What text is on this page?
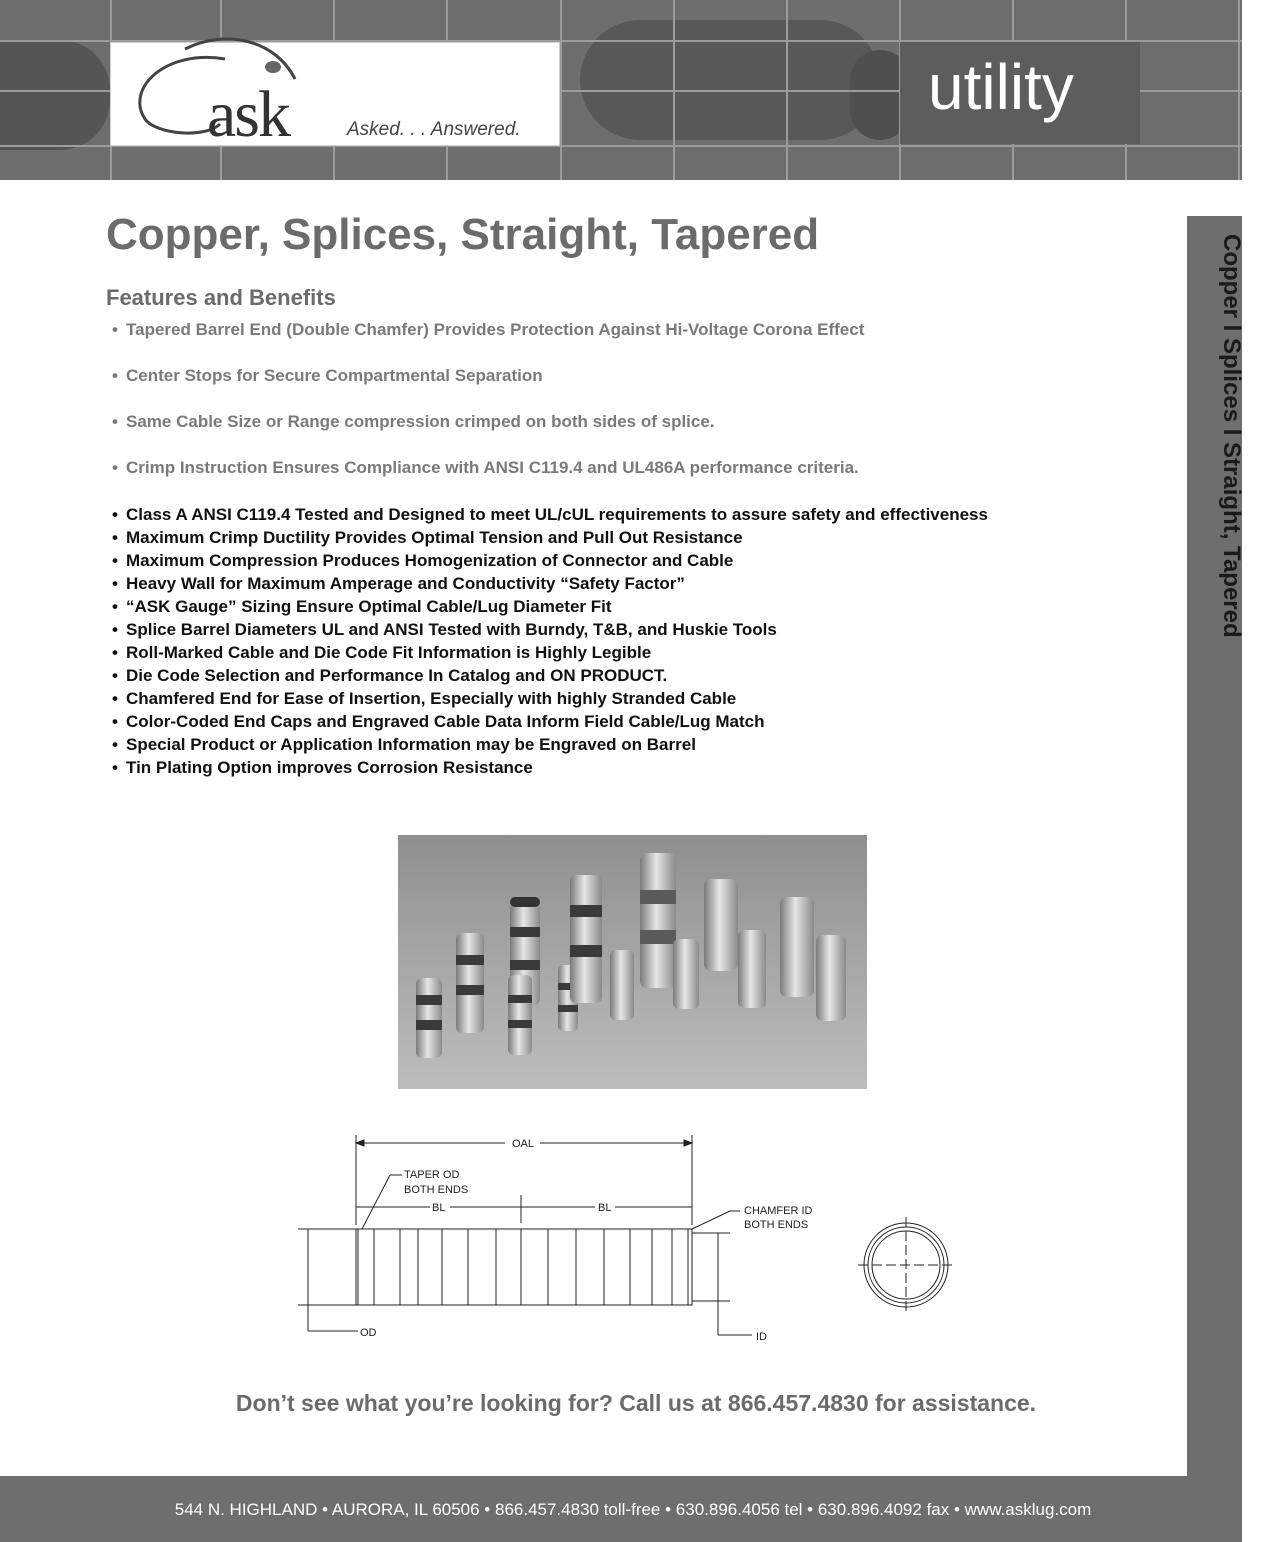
ask	Asked. . . Answered.
utility
Copper l Splices l Straight, Tapered
Copper, Splices, Straight, Tapered
Features and Benefits
• Tapered Barrel End (Double Chamfer) Provides Protection Against Hi-Voltage Corona Effect
• Center Stops for Secure Compartmental Separation
• Same Cable Size or Range compression crimped on both sides of splice.
• Crimp Instruction Ensures Compliance with ANSI C119.4 and UL486A performance criteria.
• Class A ANSI C119.4 Tested and Designed to meet UL/cUL requirements to assure safety and effectiveness
• Maximum Crimp Ductility Provides Optimal Tension and Pull Out Resistance
• Maximum Compression Produces Homogenization of Connector and Cable
• Heavy Wall for Maximum Amperage and Conductivity “Safety Factor”
• “ASK Gauge” Sizing Ensure Optimal Cable/Lug Diameter Fit
• Splice Barrel Diameters UL and ANSI Tested with Burndy, T&B, and Huskie Tools
• Roll-Marked Cable and Die Code Fit Information is Highly Legible
• Die Code Selection and Performance In Catalog and ON PRODUCT.
• Chamfered End for Ease of Insertion, Especially with highly Stranded Cable
• Color-Coded End Caps and Engraved Cable Data Inform Field Cable/Lug Match
• Special Product or Application Information may be Engraved on Barrel
• Tin Plating Option improves Corrosion Resistance
OAL
TAPER OD
BOTH ENDS
BL	BL	CHAMFER ID
BOTH ENDS
OD	ID
Don’t see what you’re looking for? Call us at 866.457.4830 for assistance.
544 N. HIGHLAND • AURORA, IL 60506 • 866.457.4830 toll-free • 630.896.4056 tel • 630.896.4092 fax • www.asklug.com
